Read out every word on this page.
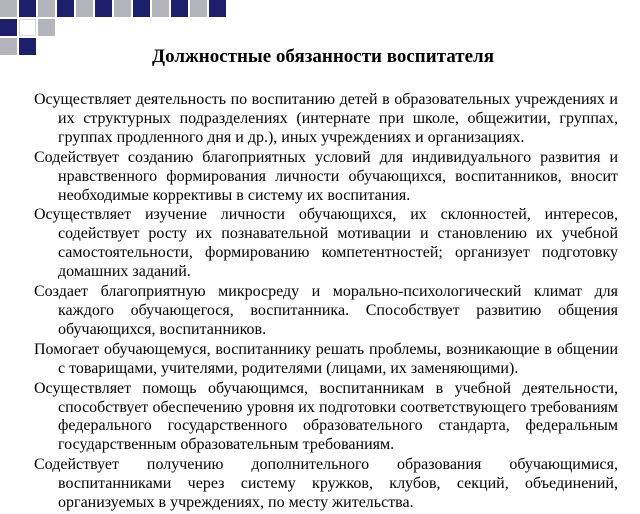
Должностные обязанности воспитателя
Осуществляет деятельность по воспитанию детей в образовательных учреждениях и их структурных подразделениях (интернате при школе, общежитии, группах, группах продленного дня и др.), иных учреждениях и организациях.
Содействует созданию благоприятных условий для индивидуального развития и нравственного формирования личности обучающихся, воспитанников, вносит необходимые коррективы в систему их воспитания.
Осуществляет изучение личности обучающихся, их склонностей, интересов, содействует росту их познавательной мотивации и становлению их учебной самостоятельности, формированию компетентностей; организует подготовку домашних заданий.
Создает благоприятную микросреду и морально-психологический климат для каждого обучающегося, воспитанника. Способствует развитию общения обучающихся, воспитанников.
Помогает обучающемуся, воспитаннику решать проблемы, возникающие в общении с товарищами, учителями, родителями (лицами, их заменяющими).
Осуществляет помощь обучающимся, воспитанникам в учебной деятельности, способствует обеспечению уровня их подготовки соответствующего требованиям федерального государственного образовательного стандарта, федеральным государственным образовательным требованиям.
Содействует получению дополнительного образования обучающимися, воспитанниками через систему кружков, клубов, секций, объединений, организуемых в учреждениях, по месту жительства.
